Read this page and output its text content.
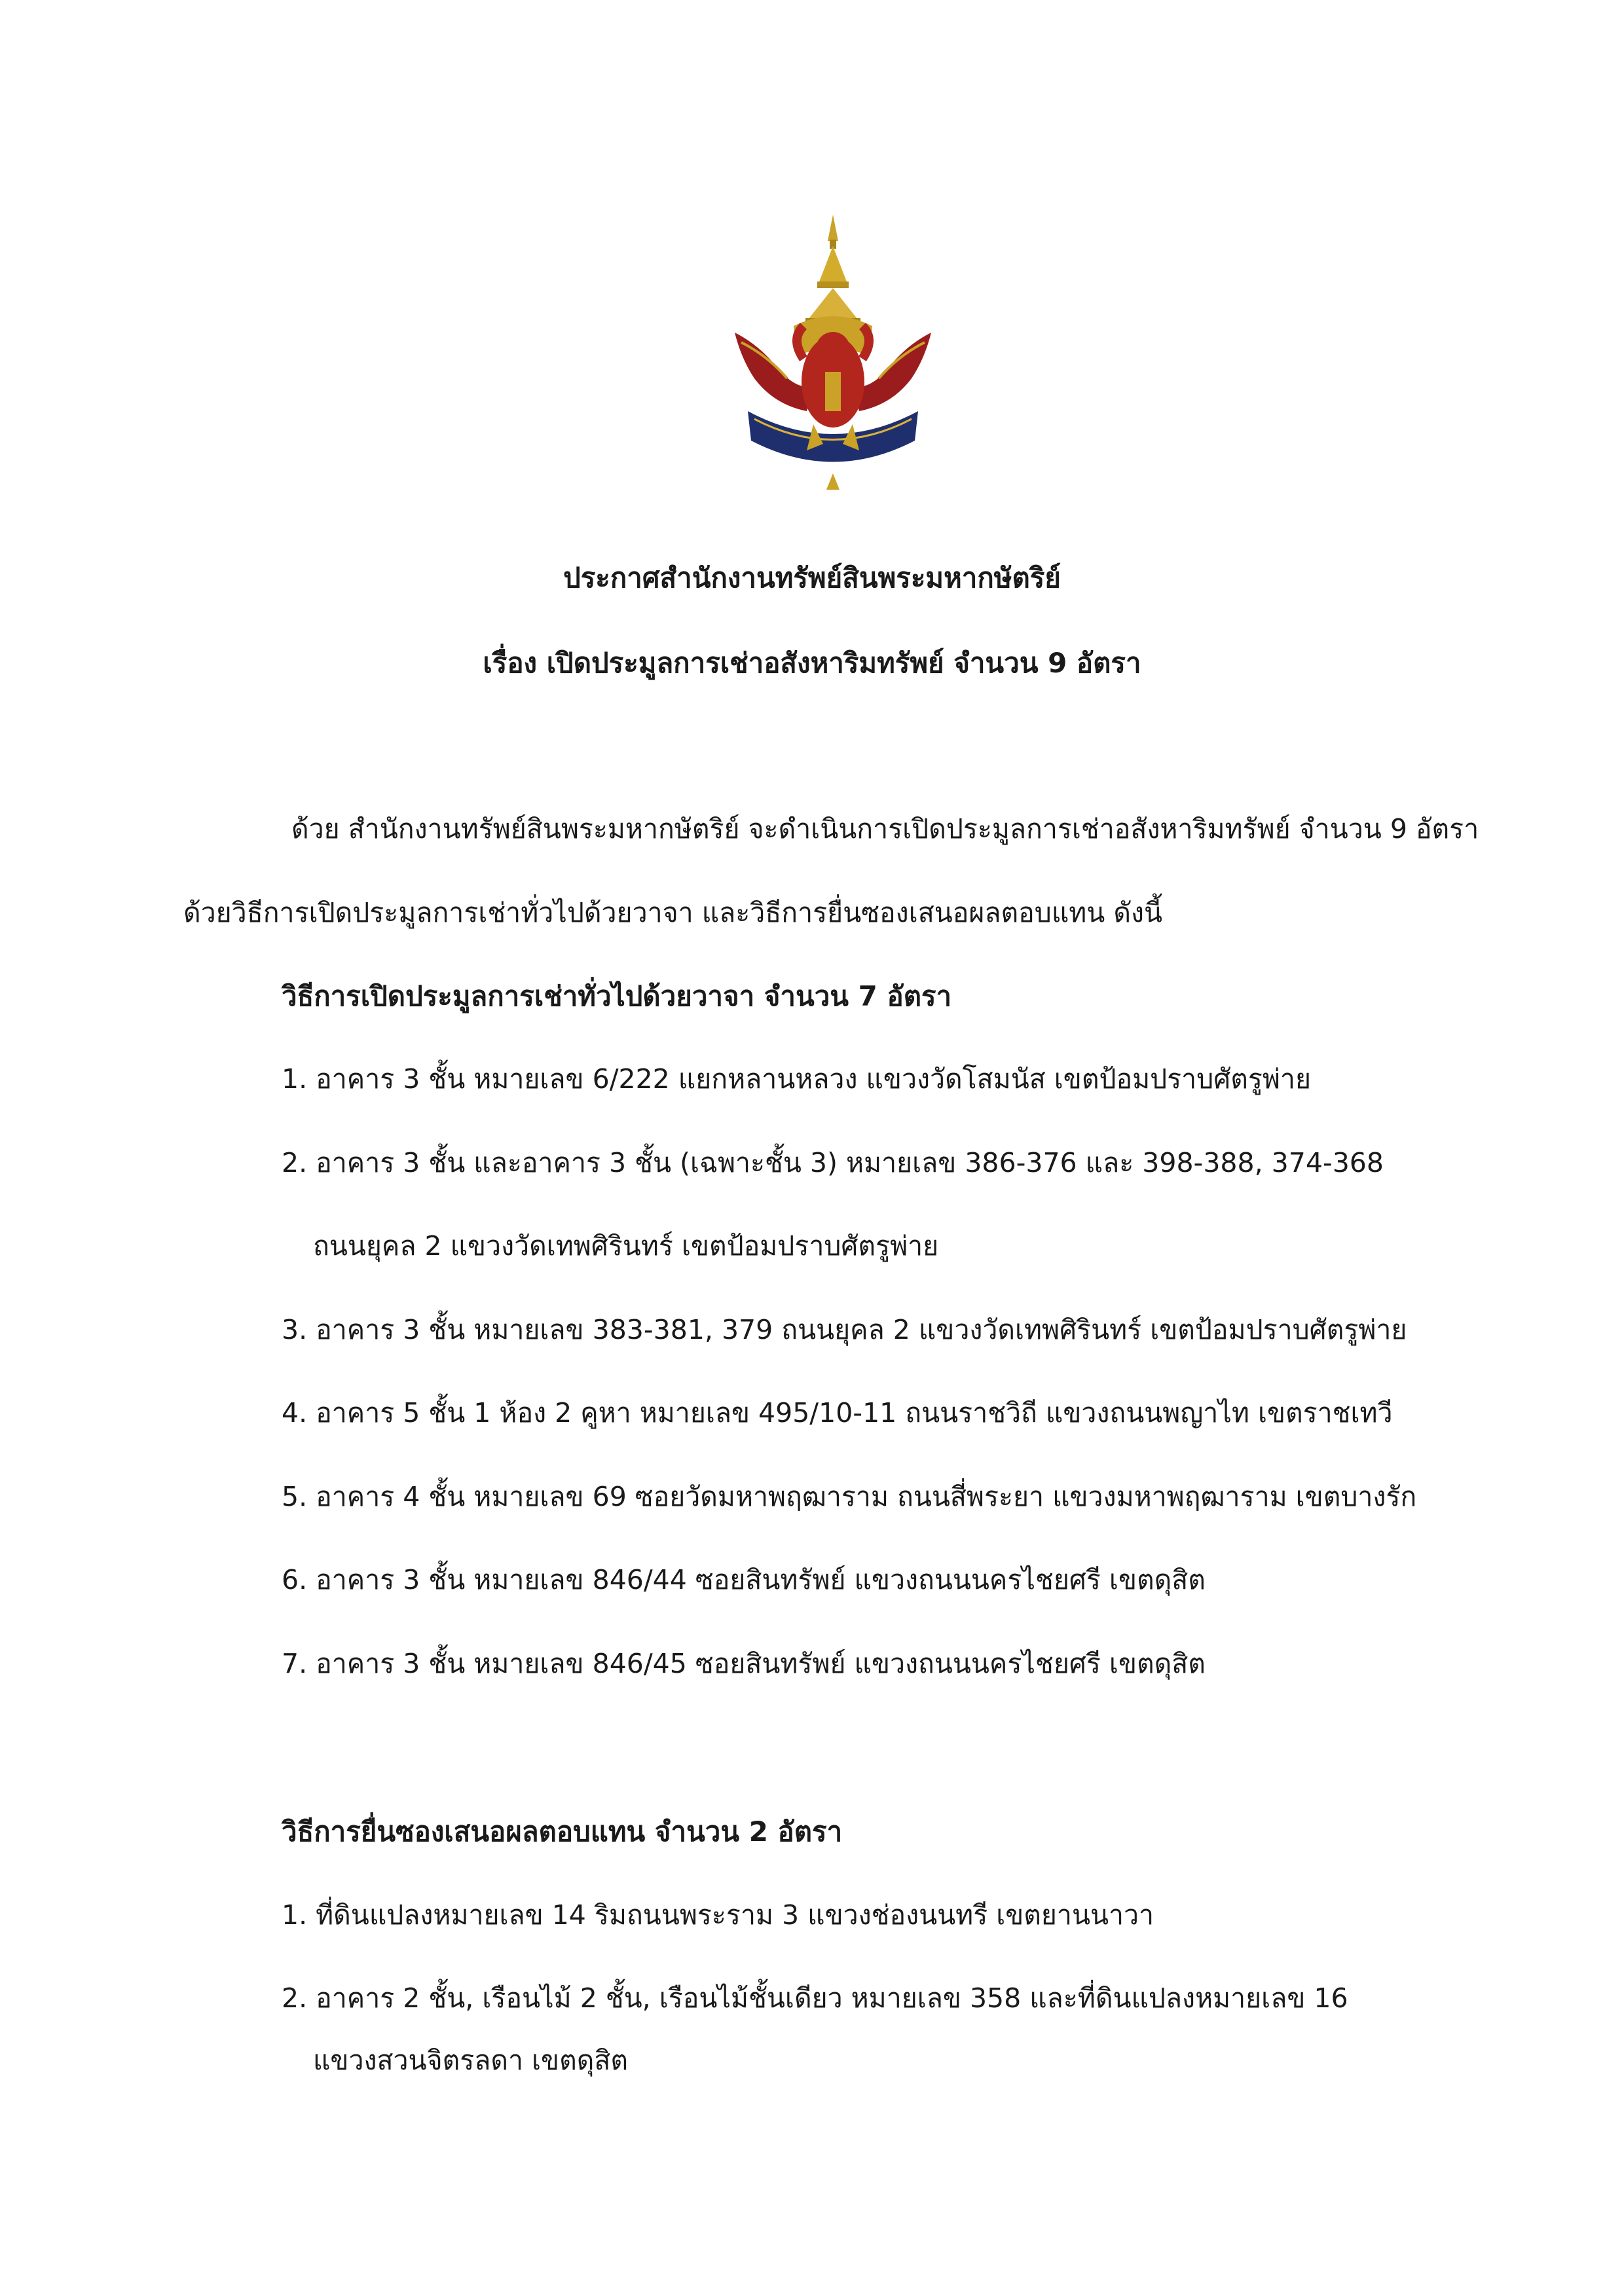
ประกาศสำนักงานทรัพย์สินพระมหากษัตริย์
เรื่อง เปิดประมูลการเช่าอสังหาริมทรัพย์ จำนวน 9 อัตรา
ด้วย สำนักงานทรัพย์สินพระมหากษัตริย์ จะดำเนินการเปิดประมูลการเช่าอสังหาริมทรัพย์ จำนวน 9 อัตรา
ด้วยวิธีการเปิดประมูลการเช่าทั่วไปด้วยวาจา และวิธีการยื่นซองเสนอผลตอบแทน ดังนี้
วิธีการเปิดประมูลการเช่าทั่วไปด้วยวาจา จำนวน 7 อัตรา
1. อาคาร 3 ชั้น หมายเลข 6/222 แยกหลานหลวง แขวงวัดโสมนัส เขตป้อมปราบศัตรูพ่าย
2. อาคาร 3 ชั้น และอาคาร 3 ชั้น (เฉพาะชั้น 3) หมายเลข 386-376 และ 398-388, 374-368
ถนนยุคล 2 แขวงวัดเทพศิรินทร์ เขตป้อมปราบศัตรูพ่าย
3. อาคาร 3 ชั้น หมายเลข 383-381, 379 ถนนยุคล 2 แขวงวัดเทพศิรินทร์ เขตป้อมปราบศัตรูพ่าย
4. อาคาร 5 ชั้น 1 ห้อง 2 คูหา หมายเลข 495/10-11 ถนนราชวิถี แขวงถนนพญาไท เขตราชเทวี
5. อาคาร 4 ชั้น หมายเลข 69 ซอยวัดมหาพฤฒาราม ถนนสี่พระยา แขวงมหาพฤฒาราม เขตบางรัก
6. อาคาร 3 ชั้น หมายเลข 846/44 ซอยสินทรัพย์ แขวงถนนนครไชยศรี เขตดุสิต
7. อาคาร 3 ชั้น หมายเลข 846/45 ซอยสินทรัพย์ แขวงถนนนครไชยศรี เขตดุสิต
วิธีการยื่นซองเสนอผลตอบแทน จำนวน 2 อัตรา
1. ที่ดินแปลงหมายเลข 14 ริมถนนพระราม 3 แขวงช่องนนทรี เขตยานนาวา
2. อาคาร 2 ชั้น, เรือนไม้ 2 ชั้น, เรือนไม้ชั้นเดียว หมายเลข 358 และที่ดินแปลงหมายเลข 16
แขวงสวนจิตรลดา เขตดุสิต
